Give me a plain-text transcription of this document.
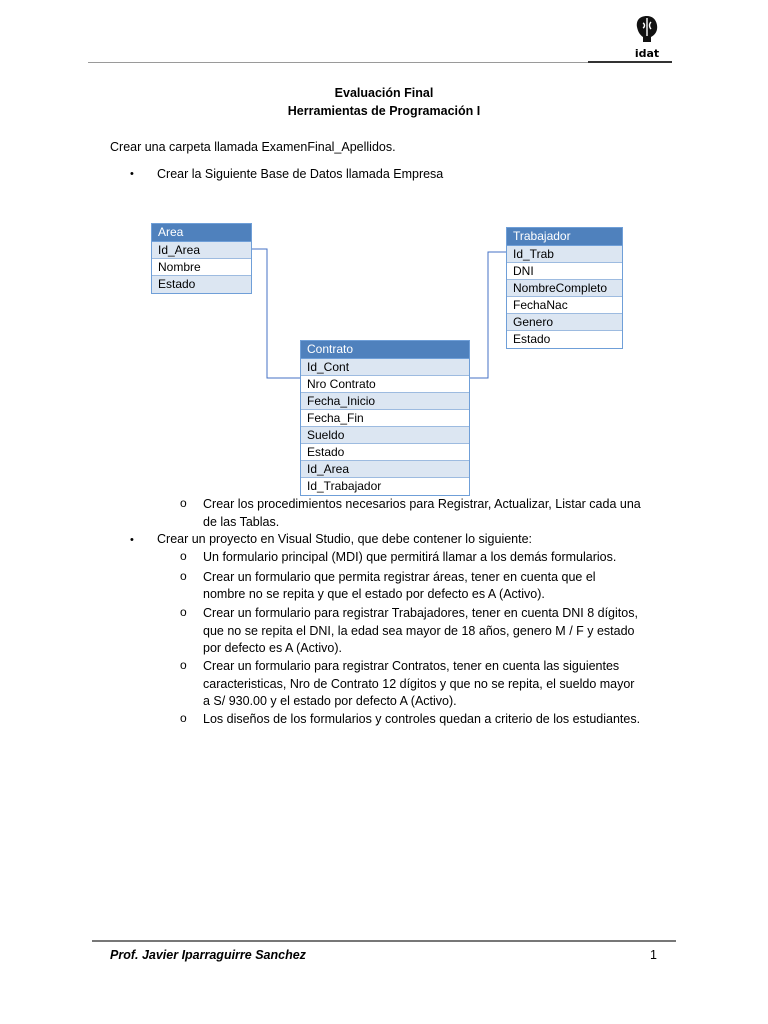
idat
Evaluación Final
Herramientas de Programación I
Crear una carpeta llamada ExamenFinal_Apellidos.
• Crear la Siguiente Base de Datos llamada Empresa
Area
Id_Area
Nombre
Estado
Trabajador
Id_Trab
DNI
NombreCompleto
FechaNac
Genero
Estado
Contrato
Id_Cont
Nro Contrato
Fecha_Inicio
Fecha_Fin
Sueldo
Estado
Id_Area
Id_Trabajador
o Crear los procedimientos necesarios para Registrar, Actualizar, Listar cada una
de las Tablas.
• Crear un proyecto en Visual Studio, que debe contener lo siguiente:
o Un formulario principal (MDI) que permitirá llamar a los demás formularios.
o Crear un formulario que permita registrar áreas, tener en cuenta que el
nombre no se repita y que el estado por defecto es A (Activo).
o Crear un formulario para registrar Trabajadores, tener en cuenta DNI 8 dígitos,
que no se repita el DNI, la edad sea mayor de 18 años, genero M / F y estado
por defecto es A (Activo).
o Crear un formulario para registrar Contratos, tener en cuenta las siguientes
caracteristicas, Nro de Contrato 12 dígitos y que no se repita, el sueldo mayor
a S/ 930.00 y el estado por defecto A (Activo).
o Los diseños de los formularios y controles quedan a criterio de los estudiantes.
Prof. Javier Iparraguirre Sanchez	1
